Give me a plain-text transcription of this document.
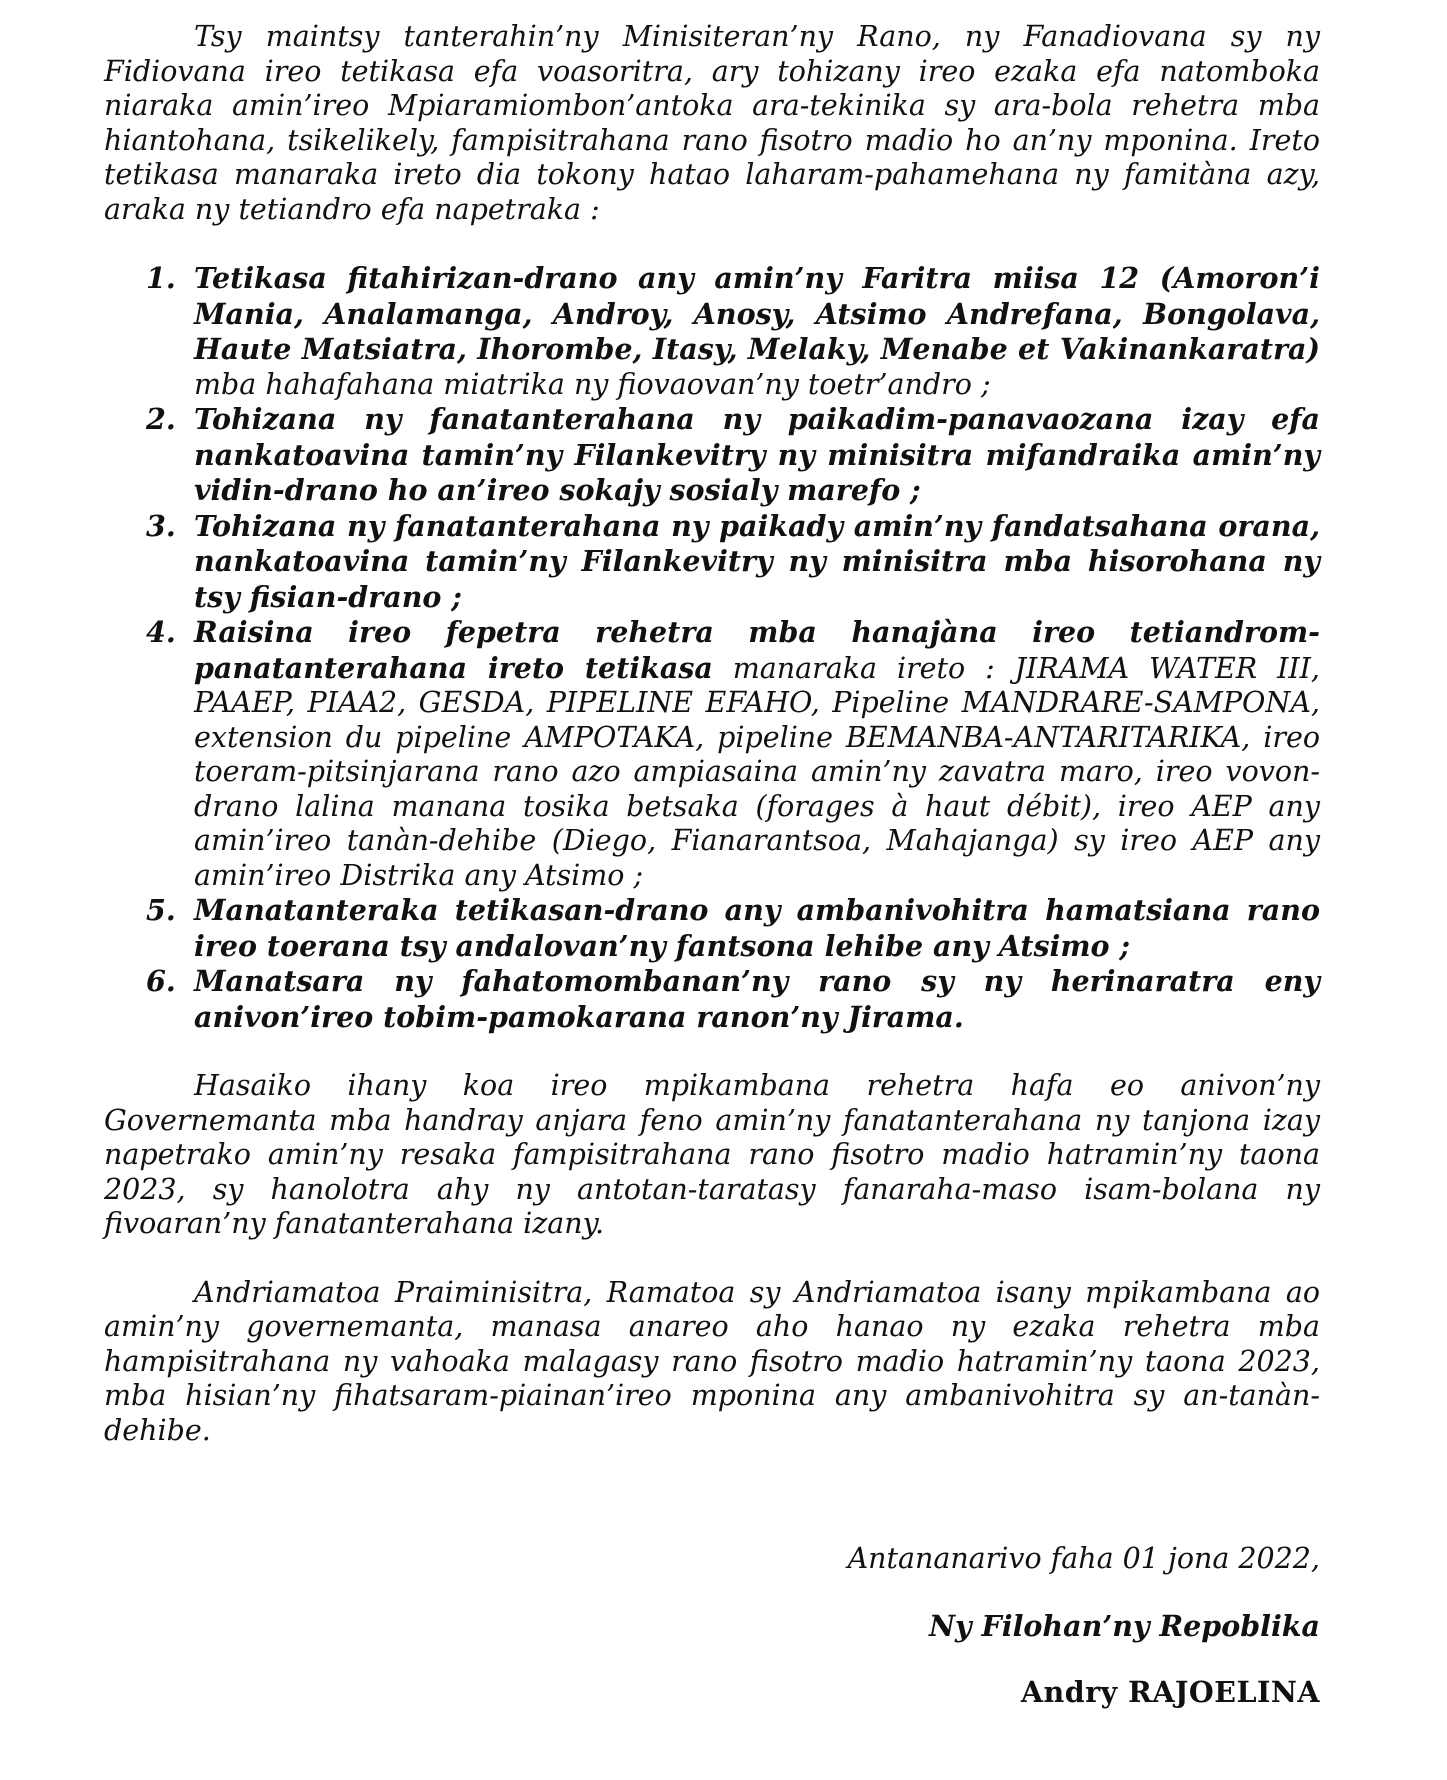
Tsy maintsy tanterahin’ny Minisiteran’ny Rano, ny Fanadiovana sy ny Fidiovana ireo tetikasa efa voasoritra, ary tohizany ireo ezaka efa natomboka niaraka amin’ireo Mpiaramiombon’antoka ara-tekinika sy ara-bola rehetra mba hiantohana, tsikelikely, fampisitrahana rano fisotro madio ho an’ny mponina. Ireto tetikasa manaraka ireto dia tokony hatao laharam-pahamehana ny famitàna azy, araka ny tetiandro efa napetraka :

1. Tetikasa fitahirizan-drano any amin’ny Faritra miisa 12 (Amoron’i Mania, Analamanga, Androy, Anosy, Atsimo Andrefana, Bongolava, Haute Matsiatra, Ihorombe, Itasy, Melaky, Menabe et Vakinankaratra) mba hahafahana miatrika ny fiovaovan’ny toetr’andro ;
2. Tohizana ny fanatanterahana ny paikadim-panavaozana izay efa nankatoavina tamin’ny Filankevitry ny minisitra mifandraika amin’ny vidin-drano ho an’ireo sokajy sosialy marefo ;
3. Tohizana ny fanatanterahana ny paikady amin’ny fandatsahana orana, nankatoavina tamin’ny Filankevitry ny minisitra mba hisorohana ny tsy fisian-drano ;
4. Raisina ireo fepetra rehetra mba hanajàna ireo tetiandrom-panatanterahana ireto tetikasa manaraka ireto : JIRAMA WATER III, PAAEP, PIAA2, GESDA, PIPELINE EFAHO, Pipeline MANDRARE-SAMPONA, extension du pipeline AMPOTAKA, pipeline BEMANBA-ANTARITARIKA, ireo toeram-pitsinjarana rano azo ampiasaina amin’ny zavatra maro, ireo vovon-drano lalina manana tosika betsaka (forages à haut débit), ireo AEP any amin’ireo tanàn-dehibe (Diego, Fianarantsoa, Mahajanga) sy ireo AEP any amin’ireo Distrika any Atsimo ;
5. Manatanteraka tetikasan-drano any ambanivohitra hamatsiana rano ireo toerana tsy andalovan’ny fantsona lehibe any Atsimo ;
6. Manatsara ny fahatomombanan’ny rano sy ny herinaratra eny anivon’ireo tobim-pamokarana ranon’ny Jirama.

Hasaiko ihany koa ireo mpikambana rehetra hafa eo anivon’ny Governemanta mba handray anjara feno amin’ny fanatanterahana ny tanjona izay napetrako amin’ny resaka fampisitrahana rano fisotro madio hatramin’ny taona 2023, sy hanolotra ahy ny antotan-taratasy fanaraha-maso isam-bolana ny fivoaran’ny fanatanterahana izany.

Andriamatoa Praiminisitra, Ramatoa sy Andriamatoa isany mpikambana ao amin’ny governemanta, manasa anareo aho hanao ny ezaka rehetra mba hampisitrahana ny vahoaka malagasy rano fisotro madio hatramin’ny taona 2023, mba hisian’ny fihatsaram-piainan’ireo mponina any ambanivohitra sy an-tanàn-dehibe.

Antananarivo faha 01 jona 2022,

Ny Filohan’ny Repoblika

Andry RAJOELINA
